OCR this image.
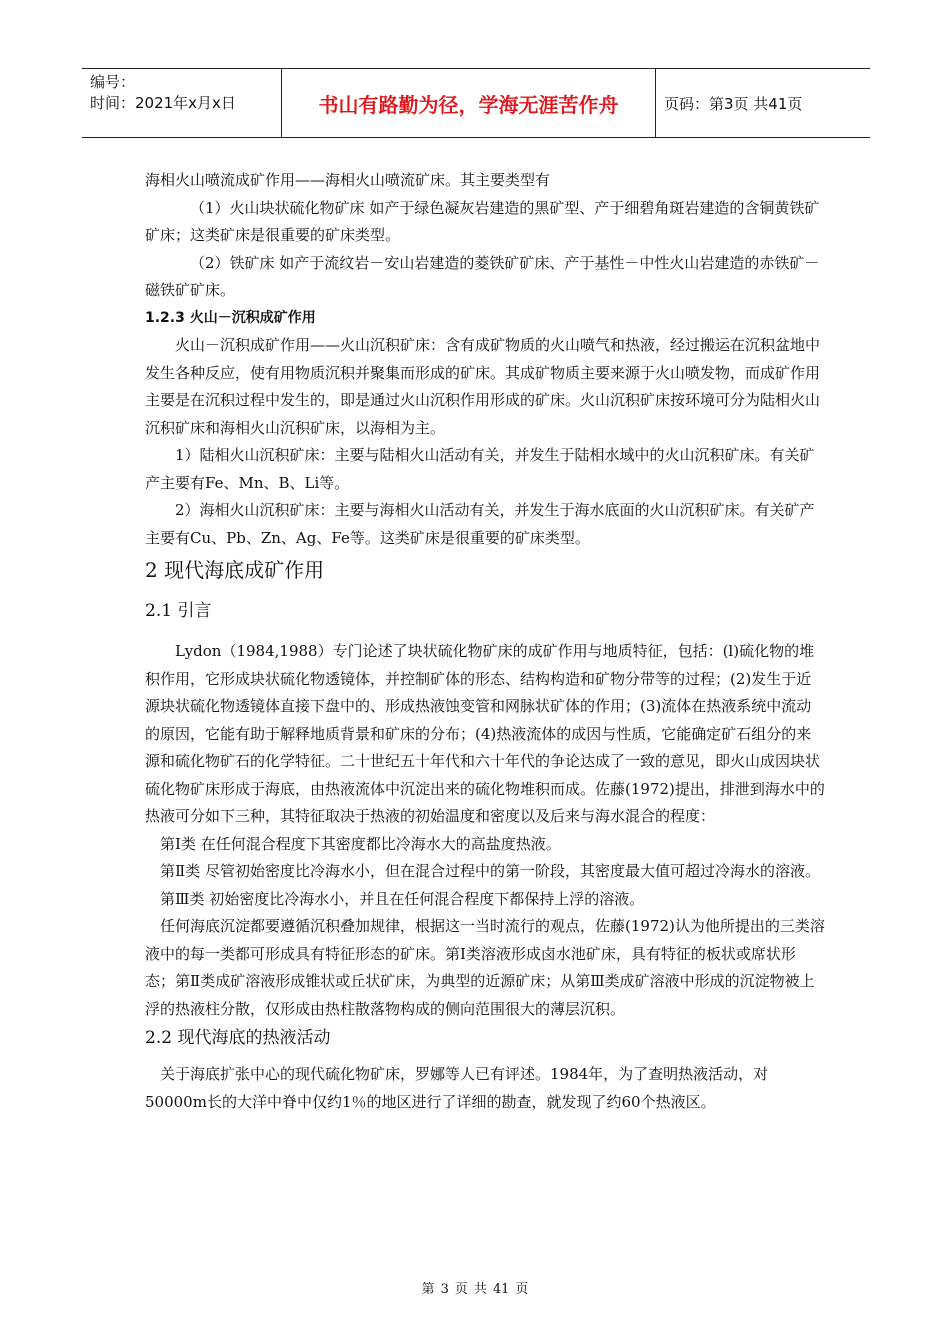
编号：
时间：2021年x月x日	书山有路勤为径，学海无涯苦作舟	页码：第3页 共41页

海相火山喷流成矿作用——海相火山喷流矿床。其主要类型有

（1）火山块状硫化物矿床 如产于绿色凝灰岩建造的黑矿型、产于细碧角斑岩建造的含铜黄铁矿矿床；这类矿床是很重要的矿床类型。

（2）铁矿床 如产于流纹岩－安山岩建造的菱铁矿矿床、产于基性－中性火山岩建造的赤铁矿－磁铁矿矿床。

1.2.3 火山－沉积成矿作用

火山－沉积成矿作用——火山沉积矿床：含有成矿物质的火山喷气和热液，经过搬运在沉积盆地中发生各种反应，使有用物质沉积并聚集而形成的矿床。其成矿物质主要来源于火山喷发物，而成矿作用主要是在沉积过程中发生的，即是通过火山沉积作用形成的矿床。火山沉积矿床按环境可分为陆相火山沉积矿床和海相火山沉积矿床，以海相为主。

1）陆相火山沉积矿床：主要与陆相火山活动有关，并发生于陆相水域中的火山沉积矿床。有关矿产主要有Fe、Mn、B、Li等。

2）海相火山沉积矿床：主要与海相火山活动有关，并发生于海水底面的火山沉积矿床。有关矿产主要有Cu、Pb、Zn、Ag、Fe等。这类矿床是很重要的矿床类型。

2 现代海底成矿作用
2.1 引言

Lydon（1984,1988）专门论述了块状硫化物矿床的成矿作用与地质特征，包括：(l)硫化物的堆积作用，它形成块状硫化物透镜体，并控制矿体的形态、结构构造和矿物分带等的过程；(2)发生于近源块状硫化物透镜体直接下盘中的、形成热液蚀变管和网脉状矿体的作用；(3)流体在热液系统中流动的原因，它能有助于解释地质背景和矿床的分布；(4)热液流体的成因与性质，它能确定矿石组分的来源和硫化物矿石的化学特征。二十世纪五十年代和六十年代的争论达成了一致的意见，即火山成因块状硫化物矿床形成于海底，由热液流体中沉淀出来的硫化物堆积而成。佐藤(1972)提出，排泄到海水中的热液可分如下三种，其特征取决于热液的初始温度和密度以及后来与海水混合的程度：

第Ⅰ类 在任何混合程度下其密度都比冷海水大的高盐度热液。

第Ⅱ类 尽管初始密度比冷海水小，但在混合过程中的第一阶段，其密度最大值可超过冷海水的溶液。

第Ⅲ类 初始密度比冷海水小，并且在任何混合程度下都保持上浮的溶液。

任何海底沉淀都要遵循沉积叠加规律，根据这一当时流行的观点，佐藤(1972)认为他所提出的三类溶液中的每一类都可形成具有特征形态的矿床。第Ⅰ类溶液形成卤水池矿床，具有特征的板状或席状形态；第Ⅱ类成矿溶液形成锥状或丘状矿床，为典型的近源矿床；从第Ⅲ类成矿溶液中形成的沉淀物被上浮的热液柱分散，仅形成由热柱散落物构成的侧向范围很大的薄层沉积。

2.2 现代海底的热液活动

关于海底扩张中心的现代硫化物矿床，罗娜等人已有评述。1984年，为了查明热液活动，对50000m长的大洋中脊中仅约1％的地区进行了详细的勘查，就发现了约60个热液区。

第 3 页 共 41 页
